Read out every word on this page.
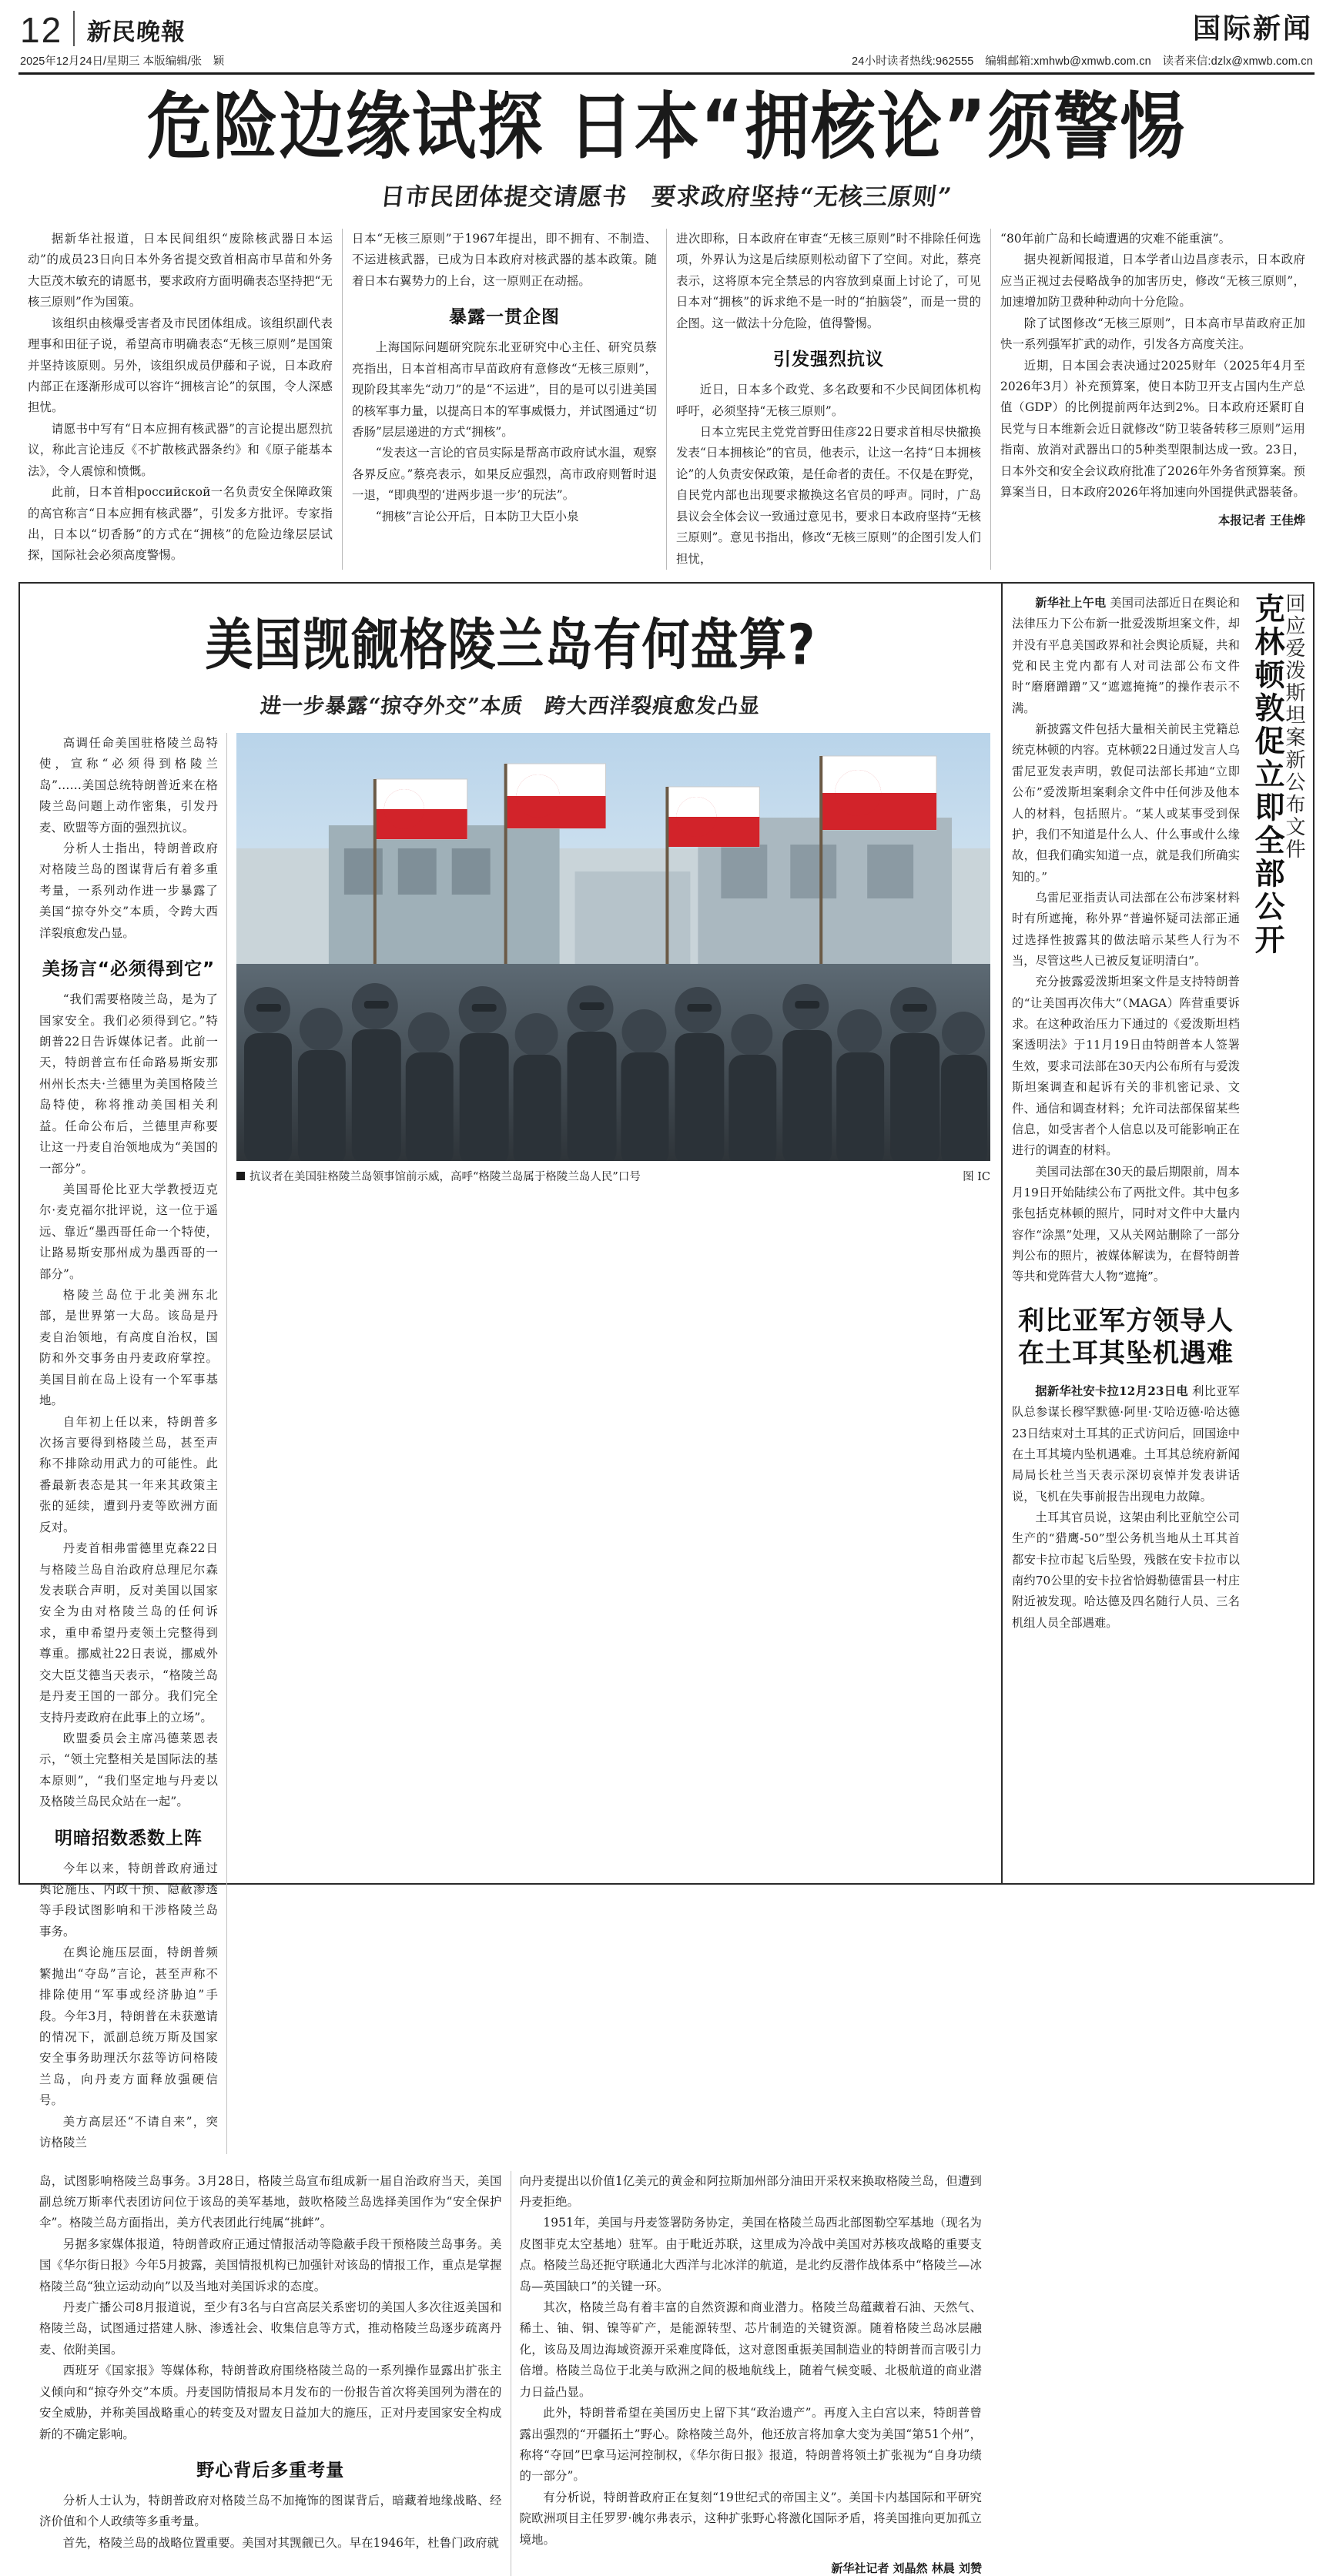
12 新民晚報	国际新闻
2025年12月24日/星期三 本版编辑/张　颖	24小时读者热线:962555　编辑邮箱:xmhwb@xmwb.com.cn　读者来信:dzlx@xmwb.com.cn
危险边缘试探 日本“拥核论”须警惕
日市民团体提交请愿书　要求政府坚持“无核三原则”

据新华社报道，日本民间组织“废除核武器日本运动”的成员23日向日本外务省提交致首相高市早苗和外务大臣茂木敏充的请愿书，要求政府方面明确表态坚持把“无核三原则”作为国策。

该组织由核爆受害者及市民团体组成。该组织副代表理事和田征子说，希望高市明确表态“无核三原则”是国策并坚持该原则。另外，该组织成员伊藤和子说，日本政府内部正在逐渐形成可以容许“拥核言论”的氛围，令人深感担忧。

请愿书中写有“日本应拥有核武器”的言论提出愿烈抗议，称此言论违反《不扩散核武器条约》和《原子能基本法》，令人震惊和愤慨。

此前，日本首相российской一名负责安全保障政策的高官称言“日本应拥有核武器”，引发多方批评。专家指出，日本以“切香肠”的方式在“拥核”的危险边缘层层试探，国际社会必须高度警惕。

日本“无核三原则”于1967年提出，即不拥有、不制造、不运进核武器，已成为日本政府对核武器的基本政策。随着日本右翼势力的上台，这一原则正在动摇。

暴露一贯企图

上海国际问题研究院东北亚研究中心主任、研究员蔡亮指出，日本首相高市早苗政府有意修改“无核三原则”，现阶段其率先“动刀”的是“不运进”，目的是可以引进美国的核军事力量，以提高日本的军事威慑力，并试图通过“切香肠”层层递进的方式“拥核”。

“发表这一言论的官员实际是帮高市政府试水温，观察各界反应。”蔡亮表示，如果反应强烈，高市政府则暂时退一退，“即典型的‘进两步退一步’的玩法”。

“拥核”言论公开后，日本防卫大臣小泉

进次即称，日本政府在审查“无核三原则”时不排除任何选项，外界认为这是后续原则松动留下了空间。对此，蔡亮表示，这将原本完全禁忌的内容放到桌面上讨论了，可见日本对“拥核”的诉求绝不是一时的“拍脑袋”，而是一贯的企图。这一做法十分危险，值得警惕。

引发强烈抗议

近日，日本多个政党、多名政要和不少民间团体机构呼吁，必须坚持“无核三原则”。

日本立宪民主党党首野田佳彦22日要求首相尽快撤换发表“日本拥核论”的官员，他表示，让这一名持“日本拥核论”的人负责安保政策，是任命者的责任。不仅是在野党，自民党内部也出现要求撤换这名官员的呼声。同时，广岛县议会全体会议一致通过意见书，要求日本政府坚持“无核三原则”。意见书指出，修改“无核三原则”的企图引发人们担忧，

“80年前广岛和长崎遭遇的灾难不能重演”。

据央视新闻报道，日本学者山边昌彦表示，日本政府应当正视过去侵略战争的加害历史，修改“无核三原则”，加速增加防卫费种种动向十分危险。

除了试图修改“无核三原则”，日本高市早苗政府正加快一系列强军扩武的动作，引发各方高度关注。

近期，日本国会表决通过2025财年（2025年4月至2026年3月）补充预算案，使日本防卫开支占国内生产总值（GDP）的比例提前两年达到2%。日本政府还紧盯自民党与日本维新会近日就修改“防卫装备转移三原则”运用指南、放消对武器出口的5种类型限制达成一致。23日，日本外交和安全会议政府批准了2026年外务省预算案。预算案当日，日本政府2026年将加速向外国提供武器装备。

本报记者 王佳烨
美国觊觎格陵兰岛有何盘算?
进一步暴露“掠夺外交”本质　跨大西洋裂痕愈发凸显

高调任命美国驻格陵兰岛特使，宣称“必须得到格陵兰岛”……美国总统特朗普近来在格陵兰岛问题上动作密集，引发丹麦、欧盟等方面的强烈抗议。

分析人士指出，特朗普政府对格陵兰岛的图谋背后有着多重考量，一系列动作进一步暴露了美国“掠夺外交”本质，令跨大西洋裂痕愈发凸显。

美扬言“必须得到它”

“我们需要格陵兰岛，是为了国家安全。我们必须得到它。”特朗普22日告诉媒体记者。此前一天，特朗普宣布任命路易斯安那州州长杰夫·兰德里为美国格陵兰岛特使，称将推动美国相关利益。任命公布后，兰德里声称要让这一丹麦自治领地成为“美国的一部分”。

美国哥伦比亚大学教授迈克尔·麦克福尔批评说，这一位于遥远、靠近“墨西哥任命一个特使，让路易斯安那州成为墨西哥的一部分”。

格陵兰岛位于北美洲东北部，是世界第一大岛。该岛是丹麦自治领地，有高度自治权，国防和外交事务由丹麦政府掌控。美国目前在岛上设有一个军事基地。

自年初上任以来，特朗普多次扬言要得到格陵兰岛，甚至声称不排除动用武力的可能性。此番最新表态是其一年来其政策主张的延续，遭到丹麦等欧洲方面反对。

丹麦首相弗雷德里克森22日与格陵兰岛自治政府总理尼尔森发表联合声明，反对美国以国家安全为由对格陵兰岛的任何诉求，重申希望丹麦领土完整得到尊重。挪威社22日表说，挪威外交大臣艾德当天表示，“格陵兰岛是丹麦王国的一部分。我们完全支持丹麦政府在此事上的立场”。

欧盟委员会主席冯德莱恩表示，“领土完整相关是国际法的基本原则”，“我们坚定地与丹麦以及格陵兰岛民众站在一起”。

明暗招数悉数上阵

今年以来，特朗普政府通过舆论施压、内政干预、隐蔽渗透等手段试图影响和干涉格陵兰岛事务。

在舆论施压层面，特朗普频繁抛出“夺岛”言论，甚至声称不排除使用“军事或经济胁迫”手段。今年3月，特朗普在未获邀请的情况下，派副总统万斯及国家安全事务助理沃尔兹等访问格陵兰岛，向丹麦方面释放强硬信号。

美方高层还“不请自来”，突访格陵兰

抗议者在美国驻格陵兰岛领事馆前示威，高呼“格陵兰岛属于格陵兰岛人民”口号	图 IC

岛，试图影响格陵兰岛事务。3月28日，格陵兰岛宣布组成新一届自治政府当天，美国副总统万斯率代表团访问位于该岛的美军基地，鼓吹格陵兰岛选择美国作为“安全保护伞”。格陵兰岛方面指出，美方代表团此行纯属“挑衅”。

另据多家媒体报道，特朗普政府正通过情报活动等隐蔽手段干预格陵兰岛事务。美国《华尔街日报》今年5月披露，美国情报机构已加强针对该岛的情报工作，重点是掌握格陵兰岛“独立运动动向”以及当地对美国诉求的态度。

丹麦广播公司8月报道说，至少有3名与白宫高层关系密切的美国人多次往返美国和格陵兰岛，试图通过搭建人脉、渗透社会、收集信息等方式，推动格陵兰岛逐步疏离丹麦、依附美国。

西班牙《国家报》等媒体称，特朗普政府围绕格陵兰岛的一系列操作显露出扩张主义倾向和“掠夺外交”本质。丹麦国防情报局本月发布的一份报告首次将美国列为潜在的安全威胁，并称美国战略重心的转变及对盟友日益加大的施压，正对丹麦国家安全构成新的不确定影响。

野心背后多重考量

分析人士认为，特朗普政府对格陵兰岛不加掩饰的图谋背后，暗藏着地缘战略、经济价值和个人政绩等多重考量。

首先，格陵兰岛的战略位置重要。美国对其觊觎已久。早在1946年，杜鲁门政府就

向丹麦提出以价值1亿美元的黄金和阿拉斯加州部分油田开采权来换取格陵兰岛，但遭到丹麦拒绝。

1951年，美国与丹麦签署防务协定，美国在格陵兰岛西北部图勒空军基地（现名为皮图菲克太空基地）驻军。由于毗近苏联，这里成为冷战中美国对苏核攻战略的重要支点。格陵兰岛还扼守联通北大西洋与北冰洋的航道，是北约反潜作战体系中“格陵兰—冰岛—英国缺口”的关键一环。

其次，格陵兰岛有着丰富的自然资源和商业潜力。格陵兰岛蕴藏着石油、天然气、稀土、铀、铜、镍等矿产，是能源转型、芯片制造的关键资源。随着格陵兰岛冰层融化，该岛及周边海域资源开采难度降低，这对意图重振美国制造业的特朗普而言吸引力倍增。格陵兰岛位于北美与欧洲之间的极地航线上，随着气候变暖、北极航道的商业潜力日益凸显。

此外，特朗普希望在美国历史上留下其“政治遗产”。再度入主白宫以来，特朗普曾露出强烈的“开疆拓土”野心。除格陵兰岛外，他还放言将加拿大变为美国“第51个州”，称将“夺回”巴拿马运河控制权，《华尔街日报》报道，特朗普将领土扩张视为“自身功绩的一部分”。

有分析说，特朗普政府正在复刻“19世纪式的帝国主义”。美国卡内基国际和平研究院欧洲项目主任罗罗·魄尔弗表示，这种扩张野心将激化国际矛盾，将美国推向更加孤立境地。

新华社记者 刘晶然 林晨 刘赞
回应爱泼斯坦案新公布文件
克林顿敦促立即全部公开

新华社上午电 美国司法部近日在舆论和法律压力下公布新一批爱泼斯坦案文件，却并没有平息美国政界和社会舆论质疑，共和党和民主党内都有人对司法部公布文件时“磨磨蹭蹭”又“遮遮掩掩”的操作表示不满。

新披露文件包括大量相关前民主党籍总统克林顿的内容。克林顿22日通过发言人乌雷尼亚发表声明，敦促司法部长邦迪“立即公布”爱泼斯坦案剩余文件中任何涉及他本人的材料，包括照片。“某人或某事受到保护，我们不知道是什么人、什么事或什么缘故，但我们确实知道一点，就是我们所确实知的。”

乌雷尼亚指责认司法部在公布涉案材料时有所遮掩，称外界“普遍怀疑司法部正通过选择性披露其的做法暗示某些人行为不当，尽管这些人已被反复证明清白”。

充分披露爱泼斯坦案文件是支持特朗普的“让美国再次伟大”（MAGA）阵营重要诉求。在这种政治压力下通过的《爱泼斯坦档案透明法》于11月19日由特朗普本人签署生效，要求司法部在30天内公布所有与爱泼斯坦案调查和起诉有关的非机密记录、文件、通信和调查材料；允许司法部保留某些信息，如受害者个人信息以及可能影响正在进行的调查的材料。

美国司法部在30天的最后期限前，周本月19日开始陆续公布了两批文件。其中包多张包括克林顿的照片，同时对文件中大量内容作“涂黑”处理，又从关网站删除了一部分判公布的照片，被媒体解读为，在督特朗普等共和党阵营大人物“遮掩”。

利比亚军方领导人
在土耳其坠机遇难

据新华社安卡拉12月23日电 利比亚军队总参谋长穆罕默德·阿里·艾哈迈德·哈达德23日结束对土耳其的正式访问后，回国途中在土耳其境内坠机遇难。土耳其总统府新闻局局长杜兰当天表示深切哀悼并发表讲话说，飞机在失事前报告出现电力故障。

土耳其官员说，这架由利比亚航空公司生产的“猎鹰-50”型公务机当地从土耳其首都安卡拉市起飞后坠毁，残骸在安卡拉市以南约70公里的安卡拉省恰姆勒德雷县一村庄附近被发现。哈达德及四名随行人员、三名机组人员全部遇难。
